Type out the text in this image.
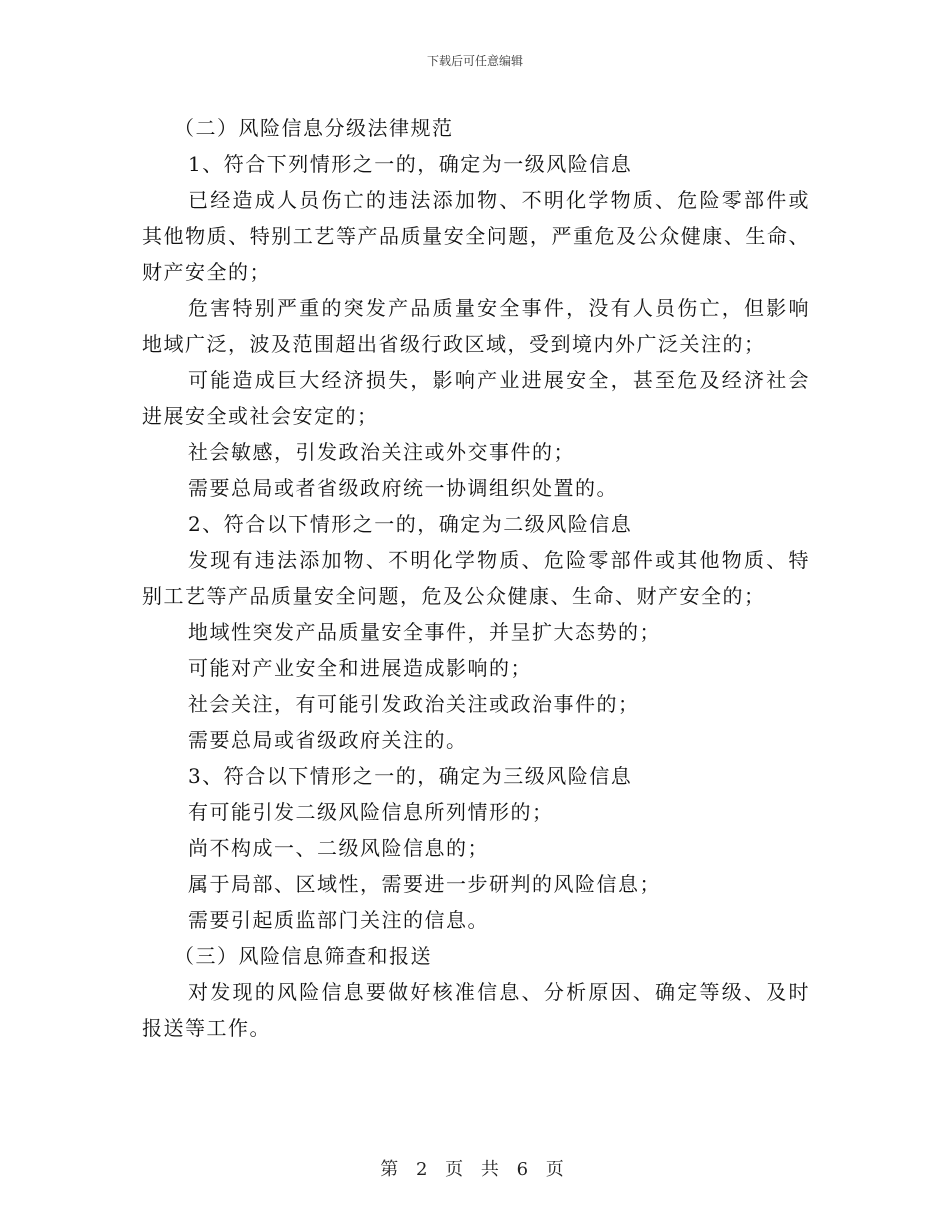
下载后可任意编辑
（二）风险信息分级法律规范
1、符合下列情形之一的，确定为一级风险信息
已经造成人员伤亡的违法添加物、不明化学物质、危险零部件或
其他物质、特别工艺等产品质量安全问题，严重危及公众健康、生命、
财产安全的；
危害特别严重的突发产品质量安全事件，没有人员伤亡，但影响
地域广泛，波及范围超出省级行政区域，受到境内外广泛关注的；
可能造成巨大经济损失，影响产业进展安全，甚至危及经济社会
进展安全或社会安定的；
社会敏感，引发政治关注或外交事件的；
需要总局或者省级政府统一协调组织处置的。
2、符合以下情形之一的，确定为二级风险信息
发现有违法添加物、不明化学物质、危险零部件或其他物质、特
别工艺等产品质量安全问题，危及公众健康、生命、财产安全的；
地域性突发产品质量安全事件，并呈扩大态势的；
可能对产业安全和进展造成影响的；
社会关注，有可能引发政治关注或政治事件的；
需要总局或省级政府关注的。
3、符合以下情形之一的，确定为三级风险信息
有可能引发二级风险信息所列情形的；
尚不构成一、二级风险信息的；
属于局部、区域性，需要进一步研判的风险信息；
需要引起质监部门关注的信息。
（三）风险信息筛查和报送
对发现的风险信息要做好核准信息、分析原因、确定等级、及时
报送等工作。
第 2 页 共 6 页
